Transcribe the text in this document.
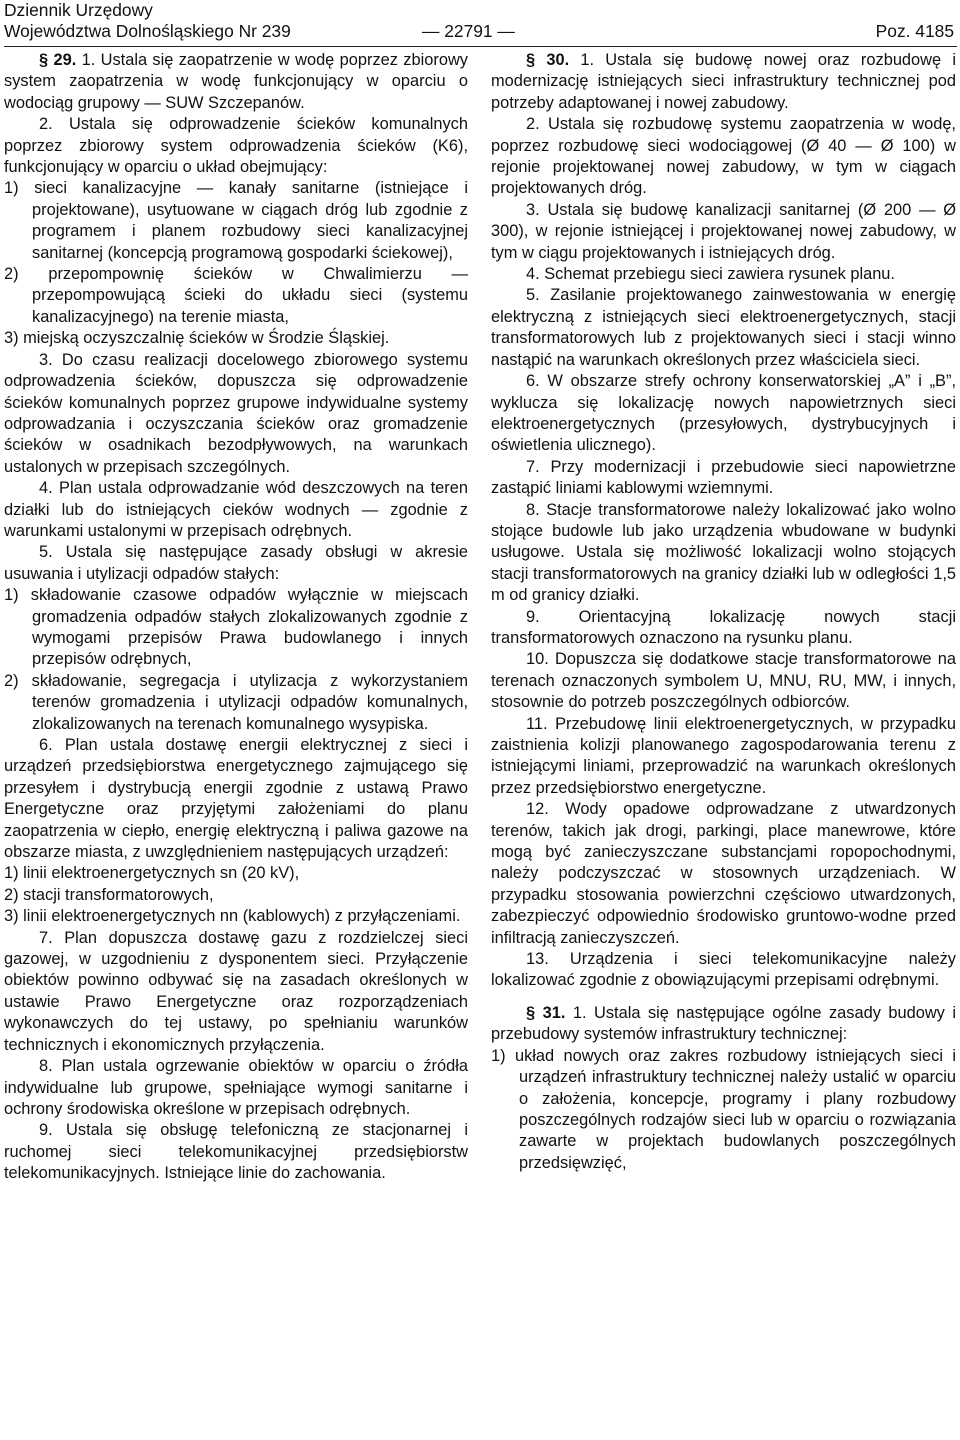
Dziennik Urzędowy
Województwa Dolnośląskiego Nr 239	— 22791 —	Poz. 4185

§ 29. 1. Ustala się zaopatrzenie w wodę poprzez zbiorowy system zaopatrzenia w wodę funkcjonujący w oparciu o wodociąg grupowy — SUW Szczepanów.

2. Ustala się odprowadzenie ścieków komunalnych poprzez zbiorowy system odprowadzenia ścieków (K6), funkcjonujący w oparciu o układ obejmujący:

1) sieci kanalizacyjne — kanały sanitarne (istniejące i projektowane), usytuowane w ciągach dróg lub zgodnie z programem i planem rozbudowy sieci kanalizacyjnej sanitarnej (koncepcją programową gospodarki ściekowej),

2) przepompownię ścieków w Chwalimierzu — przepompowującą ścieki do układu sieci (systemu kanalizacyjnego) na terenie miasta,

3) miejską oczyszczalnię ścieków w Środzie Śląskiej.

3. Do czasu realizacji docelowego zbiorowego systemu odprowadzenia ścieków, dopuszcza się odprowadzenie ścieków komunalnych poprzez grupowe indywidualne systemy odprowadzania i oczyszczania ścieków oraz gromadzenie ścieków w osadnikach bezodpływowych, na warunkach ustalonych w przepisach szczególnych.

4. Plan ustala odprowadzanie wód deszczowych na teren działki lub do istniejących cieków wodnych — zgodnie z warunkami ustalonymi w przepisach odrębnych.

5. Ustala się następujące zasady obsługi w akresie usuwania i utylizacji odpadów stałych:

1) składowanie czasowe odpadów wyłącznie w miejscach gromadzenia odpadów stałych zlokalizowanych zgodnie z wymogami przepisów Prawa budowlanego i innych przepisów odrębnych,

2) składowanie, segregacja i utylizacja z wykorzystaniem terenów gromadzenia i utylizacji odpadów komunalnych, zlokalizowanych na terenach komunalnego wysypiska.

6. Plan ustala dostawę energii elektrycznej z sieci i urządzeń przedsiębiorstwa energetycznego zajmującego się przesyłem i dystrybucją energii zgodnie z ustawą Prawo Energetyczne oraz przyjętymi założeniami do planu zaopatrzenia w ciepło, energię elektryczną i paliwa gazowe na obszarze miasta, z uwzględnieniem następujących urządzeń:

1) linii elektroenergetycznych sn (20 kV),

2) stacji transformatorowych,

3) linii elektroenergetycznych nn (kablowych) z przyłączeniami.

7. Plan dopuszcza dostawę gazu z rozdzielczej sieci gazowej, w uzgodnieniu z dysponentem sieci. Przyłączenie obiektów powinno odbywać się na zasadach określonych w ustawie Prawo Energetyczne oraz rozporządzeniach wykonawczych do tej ustawy, po spełnianiu warunków technicznych i ekonomicznych przyłączenia.

8. Plan ustala ogrzewanie obiektów w oparciu o źródła indywidualne lub grupowe, spełniające wymogi sanitarne i ochrony środowiska określone w przepisach odrębnych.

9. Ustala się obsługę telefoniczną ze stacjonarnej i ruchomej sieci telekomunikacyjnej przedsiębiorstw telekomunikacyjnych. Istniejące linie do zachowania.

§ 30. 1. Ustala się budowę nowej oraz rozbudowę i modernizację istniejących sieci infrastruktury technicznej pod potrzeby adaptowanej i nowej zabudowy.

2. Ustala się rozbudowę systemu zaopatrzenia w wodę, poprzez rozbudowę sieci wodociągowej (Ø 40 — Ø 100) w rejonie projektowanej nowej zabudowy, w tym w ciągach projektowanych dróg.

3. Ustala się budowę kanalizacji sanitarnej (Ø 200 — Ø 300), w rejonie istniejącej i projektowanej nowej zabudowy, w tym w ciągu projektowanych i istniejących dróg.

4. Schemat przebiegu sieci zawiera rysunek planu.

5. Zasilanie projektowanego zainwestowania w energię elektryczną z istniejących sieci elektroenergetycznych, stacji transformatorowych lub z projektowanych sieci i stacji winno nastąpić na warunkach określonych przez właściciela sieci.

6. W obszarze strefy ochrony konserwatorskiej „A” i „B”, wyklucza się lokalizację nowych napowietrznych sieci elektroenergetycznych (przesyłowych, dystrybucyjnych i oświetlenia ulicznego).

7. Przy modernizacji i przebudowie sieci napowietrzne zastąpić liniami kablowymi wziemnymi.

8. Stacje transformatorowe należy lokalizować jako wolno stojące budowle lub jako urządzenia wbudowane w budynki usługowe. Ustala się możliwość lokalizacji wolno stojących stacji transformatorowych na granicy działki lub w odległości 1,5 m od granicy działki.

9. Orientacyjną lokalizację nowych stacji transformatorowych oznaczono na rysunku planu.

10. Dopuszcza się dodatkowe stacje transformatorowe na terenach oznaczonych symbolem U, MNU, RU, MW, i innych, stosownie do potrzeb poszczególnych odbiorców.

11. Przebudowę linii elektroenergetycznych, w przypadku zaistnienia kolizji planowanego zagospodarowania terenu z istniejącymi liniami, przeprowadzić na warunkach określonych przez przedsiębiorstwo energetyczne.

12. Wody opadowe odprowadzane z utwardzonych terenów, takich jak drogi, parkingi, place manewrowe, które mogą być zanieczyszczane substancjami ropopochodnymi, należy podczyszczać w stosownych urządzeniach. W przypadku stosowania powierzchni częściowo utwardzonych, zabezpieczyć odpowiednio środowisko gruntowo-wodne przed infiltracją zanieczyszczeń.

13. Urządzenia i sieci telekomunikacyjne należy lokalizować zgodnie z obowiązującymi przepisami odrębnymi.

§ 31. 1. Ustala się następujące ogólne zasady budowy i przebudowy systemów infrastruktury technicznej:

1) układ nowych oraz zakres rozbudowy istniejących sieci i urządzeń infrastruktury technicznej należy ustalić w oparciu o założenia, koncepcje, programy i plany rozbudowy poszczególnych rodzajów sieci lub w oparciu o rozwiązania zawarte w projektach budowlanych poszczególnych przedsięwzięć,
